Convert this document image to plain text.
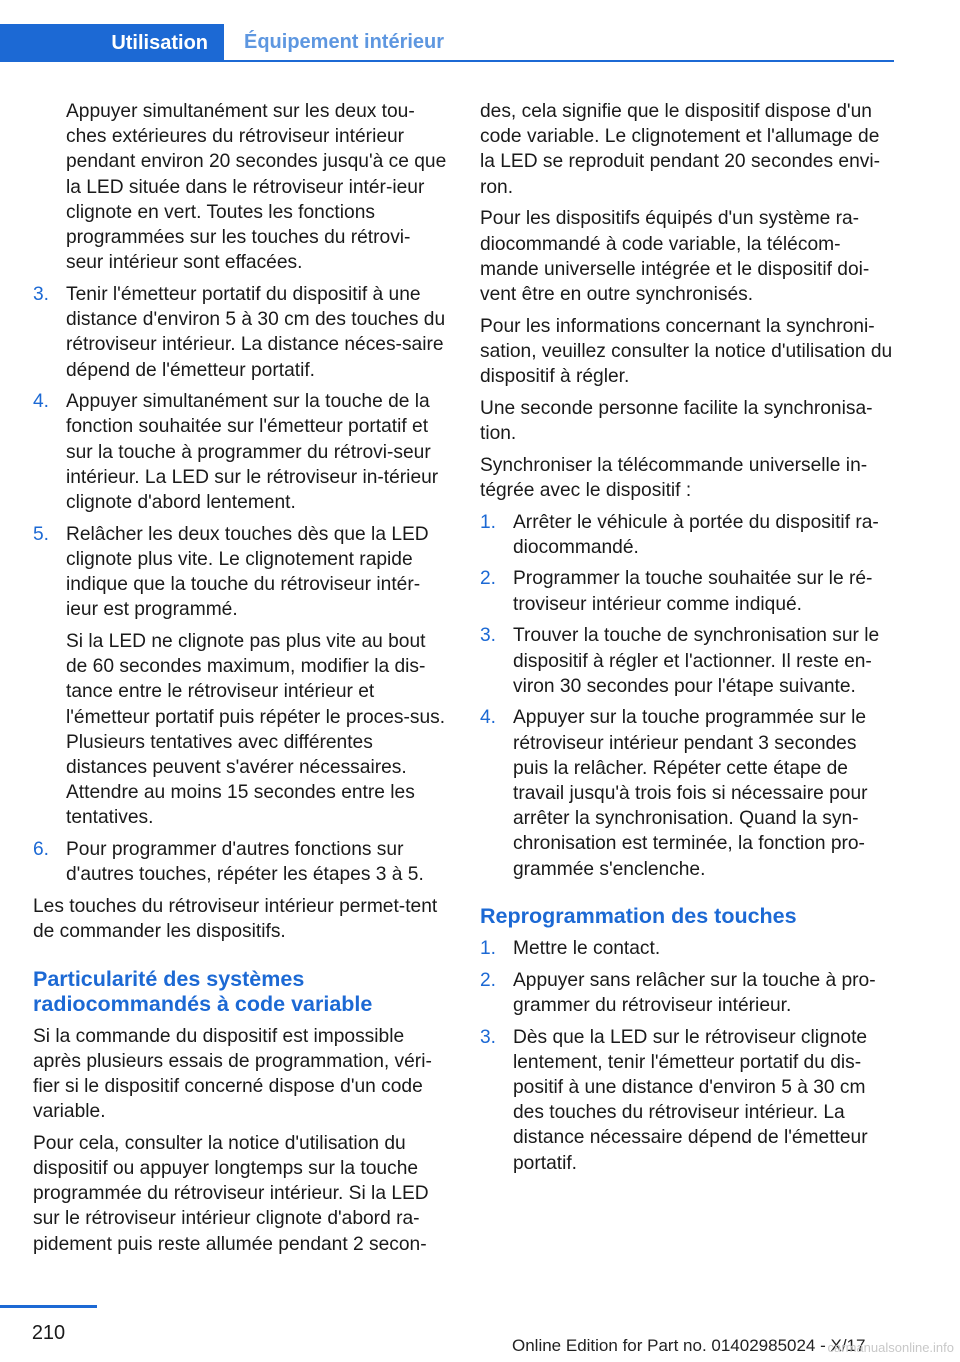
Utilisation	Équipement intérieur

Appuyer simultanément sur les deux tou‐ches extérieures du rétroviseur intérieur pendant environ 20 secondes jusqu'à ce que la LED située dans le rétroviseur intér‐ieur clignote en vert. Toutes les fonctions programmées sur les touches du rétrovi‐seur intérieur sont effacées.

3. Tenir l'émetteur portatif du dispositif à une distance d'environ 5 à 30 cm des touches du rétroviseur intérieur. La distance néces‐saire dépend de l'émetteur portatif.

4. Appuyer simultanément sur la touche de la fonction souhaitée sur l'émetteur portatif et sur la touche à programmer du rétrovi‐seur intérieur. La LED sur le rétroviseur in‐térieur clignote d'abord lentement.

5. Relâcher les deux touches dès que la LED clignote plus vite. Le clignotement rapide indique que la touche du rétroviseur intér‐ieur est programmé.

Si la LED ne clignote pas plus vite au bout de 60 secondes maximum, modifier la dis‐tance entre le rétroviseur intérieur et l'émetteur portatif puis répéter le proces‐sus. Plusieurs tentatives avec différentes distances peuvent s'avérer nécessaires. Attendre au moins 15 secondes entre les tentatives.

6. Pour programmer d'autres fonctions sur d'autres touches, répéter les étapes 3 à 5.

Les touches du rétroviseur intérieur permet‐tent de commander les dispositifs.

Particularité des systèmes radiocommandés à code variable

Si la commande du dispositif est impossible après plusieurs essais de programmation, véri‐fier si le dispositif concerné dispose d'un code variable.

Pour cela, consulter la notice d'utilisation du dispositif ou appuyer longtemps sur la touche programmée du rétroviseur intérieur. Si la LED sur le rétroviseur intérieur clignote d'abord ra‐pidement puis reste allumée pendant 2 secon‐

des, cela signifie que le dispositif dispose d'un code variable. Le clignotement et l'allumage de la LED se reproduit pendant 20 secondes envi‐ron.

Pour les dispositifs équipés d'un système ra‐diocommandé à code variable, la télécom‐mande universelle intégrée et le dispositif doi‐vent être en outre synchronisés.

Pour les informations concernant la synchroni‐sation, veuillez consulter la notice d'utilisation du dispositif à régler.

Une seconde personne facilite la synchronisa‐tion.

Synchroniser la télécommande universelle in‐tégrée avec le dispositif :

1. Arrêter le véhicule à portée du dispositif ra‐diocommandé.

2. Programmer la touche souhaitée sur le ré‐troviseur intérieur comme indiqué.

3. Trouver la touche de synchronisation sur le dispositif à régler et l'actionner. Il reste en‐viron 30 secondes pour l'étape suivante.

4. Appuyer sur la touche programmée sur le rétroviseur intérieur pendant 3 secondes puis la relâcher. Répéter cette étape de travail jusqu'à trois fois si nécessaire pour arrêter la synchronisation. Quand la syn‐chronisation est terminée, la fonction pro‐grammée s'enclenche.

Reprogrammation des touches
1. Mettre le contact.

2. Appuyer sans relâcher sur la touche à pro‐grammer du rétroviseur intérieur.

3. Dès que la LED sur le rétroviseur clignote lentement, tenir l'émetteur portatif du dis‐positif à une distance d'environ 5 à 30 cm des touches du rétroviseur intérieur. La distance nécessaire dépend de l'émetteur portatif.

210
Online Edition for Part no. 01402985024 - X/17
carmanualsonline.info
